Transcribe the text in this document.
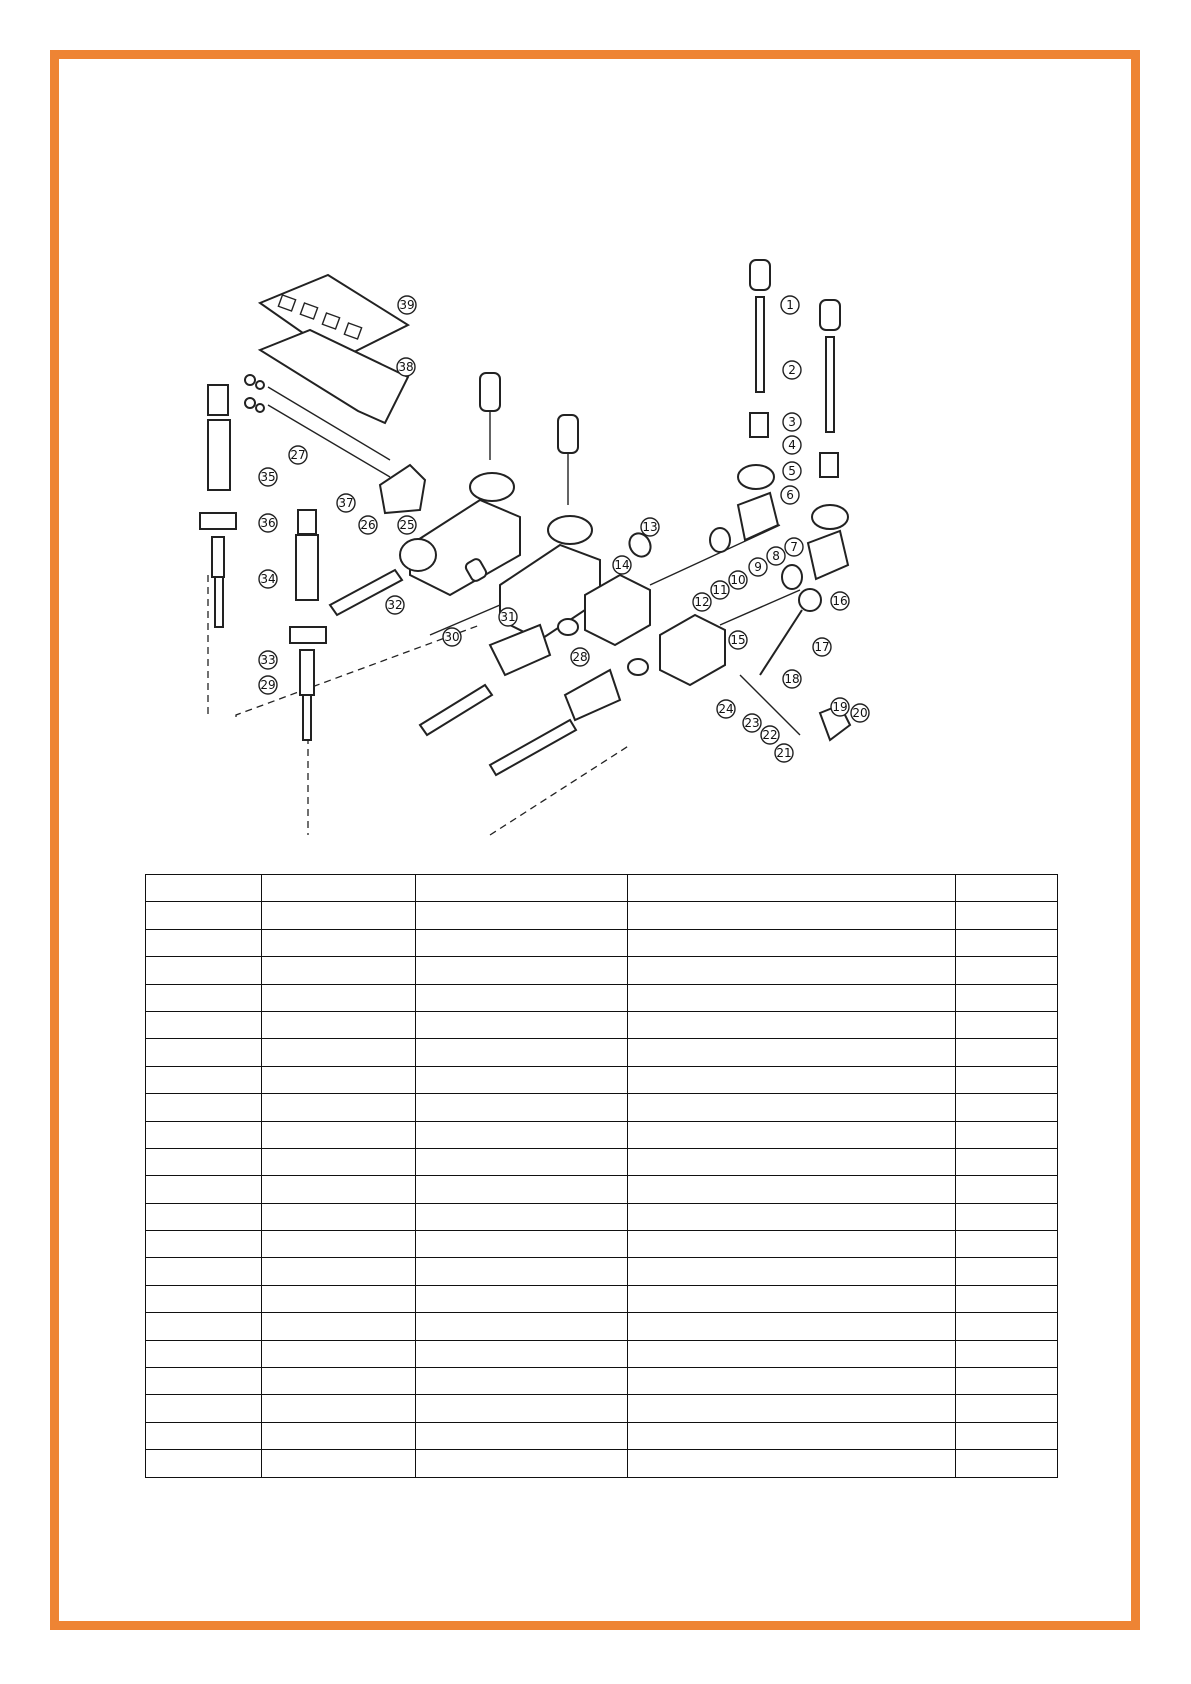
1
2
3
4
5
6
7
8
9
10
11
12
13
14
15
16
17
18
19 20
21
22
23
24
25
26
27
28
29
30
31
32
33
34
35
36
37
38
39
